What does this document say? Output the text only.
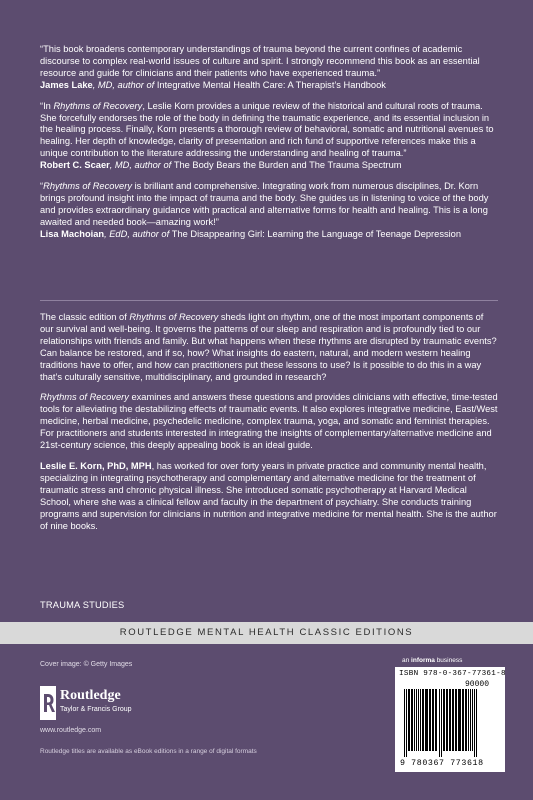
“This book broadens contemporary understandings of trauma beyond the current confines of academic discourse to complex real-world issues of culture and spirit. I strongly recommend this book as an essential resource and guide for clinicians and their patients who have experienced trauma.”
James Lake, MD, author of Integrative Mental Health Care: A Therapist’s Handbook
“In Rhythms of Recovery, Leslie Korn provides a unique review of the historical and cultural roots of trauma. She forcefully endorses the role of the body in defining the traumatic experience, and its essential inclusion in the healing process. Finally, Korn presents a thorough review of behavioral, somatic and nutritional avenues to healing. Her depth of knowledge, clarity of presentation and rich fund of supportive references make this a unique contribution to the literature addressing the understanding and healing of trauma.”
Robert C. Scaer, MD, author of The Body Bears the Burden and The Trauma Spectrum
“Rhythms of Recovery is brilliant and comprehensive. Integrating work from numerous disciplines, Dr. Korn brings profound insight into the impact of trauma and the body. She guides us in listening to voice of the body and provides extraordinary guidance with practical and alternative forms for health and healing. This is a long awaited and needed book—amazing work!”
Lisa Machoian, EdD, author of The Disappearing Girl: Learning the Language of Teenage Depression

The classic edition of Rhythms of Recovery sheds light on rhythm, one of the most important components of our survival and well-being. It governs the patterns of our sleep and respiration and is profoundly tied to our relationships with friends and family. But what happens when these rhythms are disrupted by traumatic events? Can balance be restored, and if so, how? What insights do eastern, natural, and modern western healing traditions have to offer, and how can practitioners put these lessons to use? Is it possible to do this in a way that’s culturally sensitive, multidisciplinary, and grounded in research?

Rhythms of Recovery examines and answers these questions and provides clinicians with effective, time-tested tools for alleviating the destabilizing effects of traumatic events. It also explores integrative medicine, East/West medicine, herbal medicine, psychedelic medicine, complex trauma, yoga, and somatic and feminist therapies. For practitioners and students interested in integrating the insights of complementary/alternative medicine and 21st-century science, this deeply appealing book is an ideal guide.

Leslie E. Korn, PhD, MPH, has worked for over forty years in private practice and community mental health, specializing in integrating psychotherapy and complementary and alternative medicine for the treatment of traumatic stress and chronic physical illness. She introduced somatic psychotherapy at Harvard Medical School, where she was a clinical fellow and faculty in the department of psychiatry. She conducts training programs and supervision for clinicians in nutrition and integrative medicine for mental health. She is the author of nine books.

TRAUMA STUDIES
ROUTLEDGE MENTAL HEALTH CLASSIC EDITIONS
Cover image: © Getty Images
Routledge
Taylor & Francis Group
www.routledge.com
Routledge titles are available as eBook editions in a range of digital formats
an informa business
ISBN 978-0-367-77361-8
90000
9 780367 773618
